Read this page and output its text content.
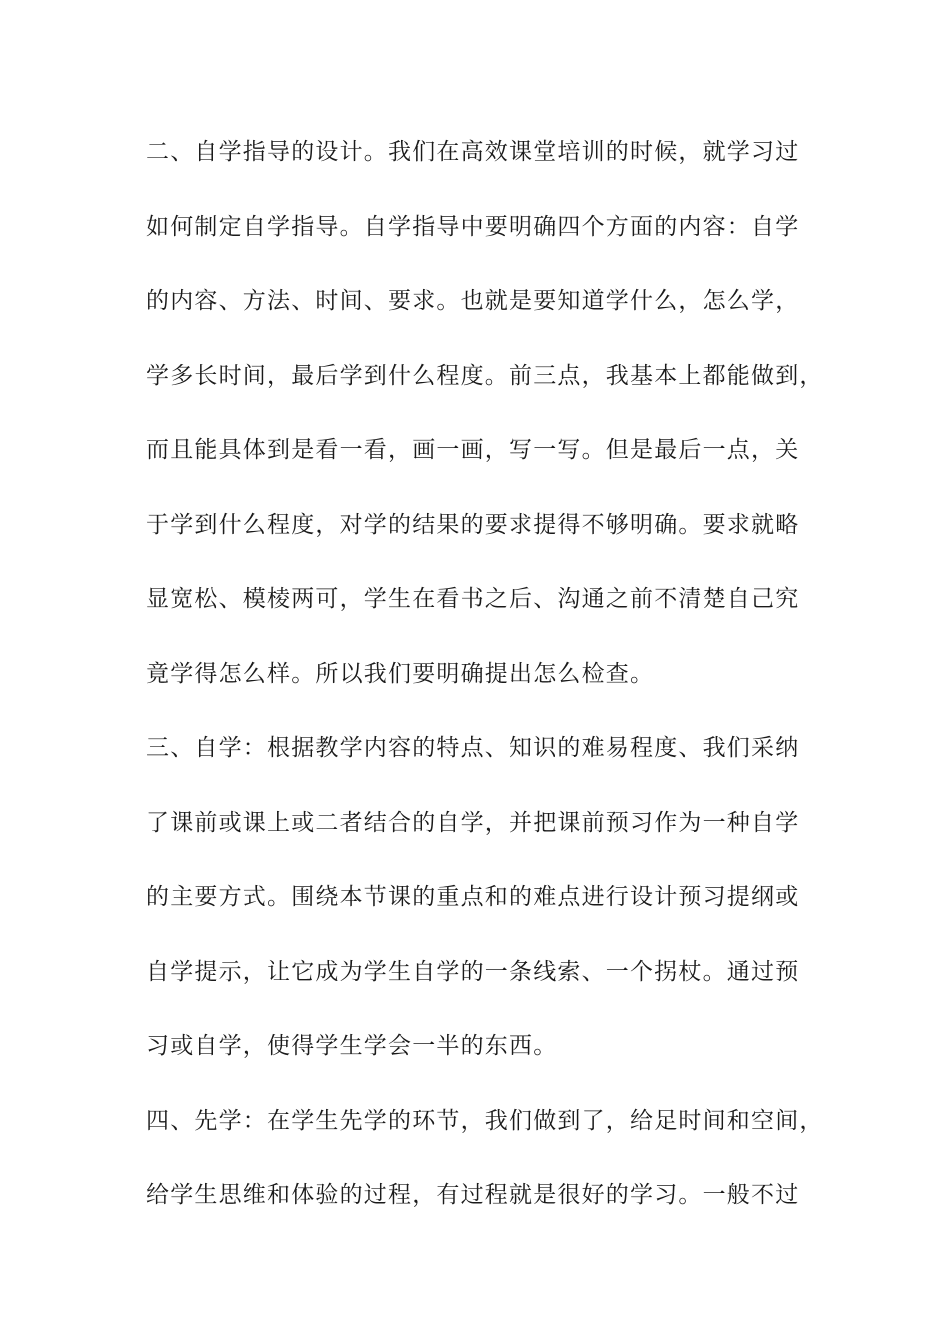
二、自学指导的设计。我们在高效课堂培训的时候，就学习过
如何制定自学指导。自学指导中要明确四个方面的内容：自学
的内容、方法、时间、要求。也就是要知道学什么，怎么学，
学多长时间，最后学到什么程度。前三点，我基本上都能做到，
而且能具体到是看一看，画一画，写一写。但是最后一点，关
于学到什么程度，对学的结果的要求提得不够明确。要求就略
显宽松、模棱两可，学生在看书之后、沟通之前不清楚自己究
竟学得怎么样。所以我们要明确提出怎么检查。
三、自学：根据教学内容的特点、知识的难易程度、我们采纳
了课前或课上或二者结合的自学，并把课前预习作为一种自学
的主要方式。围绕本节课的重点和的难点进行设计预习提纲或
自学提示，让它成为学生自学的一条线索、一个拐杖。通过预
习或自学，使得学生学会一半的东西。
四、先学：在学生先学的环节，我们做到了，给足时间和空间，
给学生思维和体验的过程，有过程就是很好的学习。一般不过
